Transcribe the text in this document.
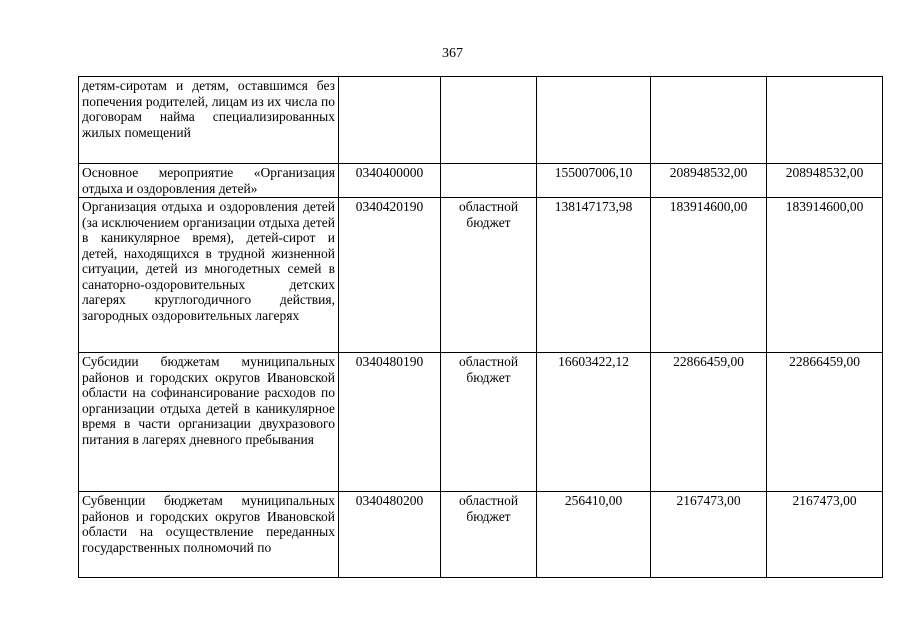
367
детям-сиротам и детям, оставшимся без попечения родителей, лицам из их числа по договорам найма специализированных жилых помещений					
Основное мероприятие «Организация отдыха и оздоровления детей»	0340400000		155007006,10	208948532,00	208948532,00
Организация отдыха и оздоровления детей (за исключением организации отдыха детей в каникулярное время), детей-сирот и детей, находящихся в трудной жизненной ситуации, детей из многодетных семей в санаторно-оздоровительных детских лагерях круглогодичного действия, загородных оздоровительных лагерях	0340420190	областной бюджет	138147173,98	183914600,00	183914600,00
Субсидии бюджетам муниципальных районов и городских округов Ивановской области на софинансирование расходов по организации отдыха детей в каникулярное время в части организации двухразового питания в лагерях дневного пребывания	0340480190	областной бюджет	16603422,12	22866459,00	22866459,00
Субвенции бюджетам муниципальных районов и городских округов Ивановской области на осуществление переданных государственных полномочий по	0340480200	областной бюджет	256410,00	2167473,00	2167473,00
